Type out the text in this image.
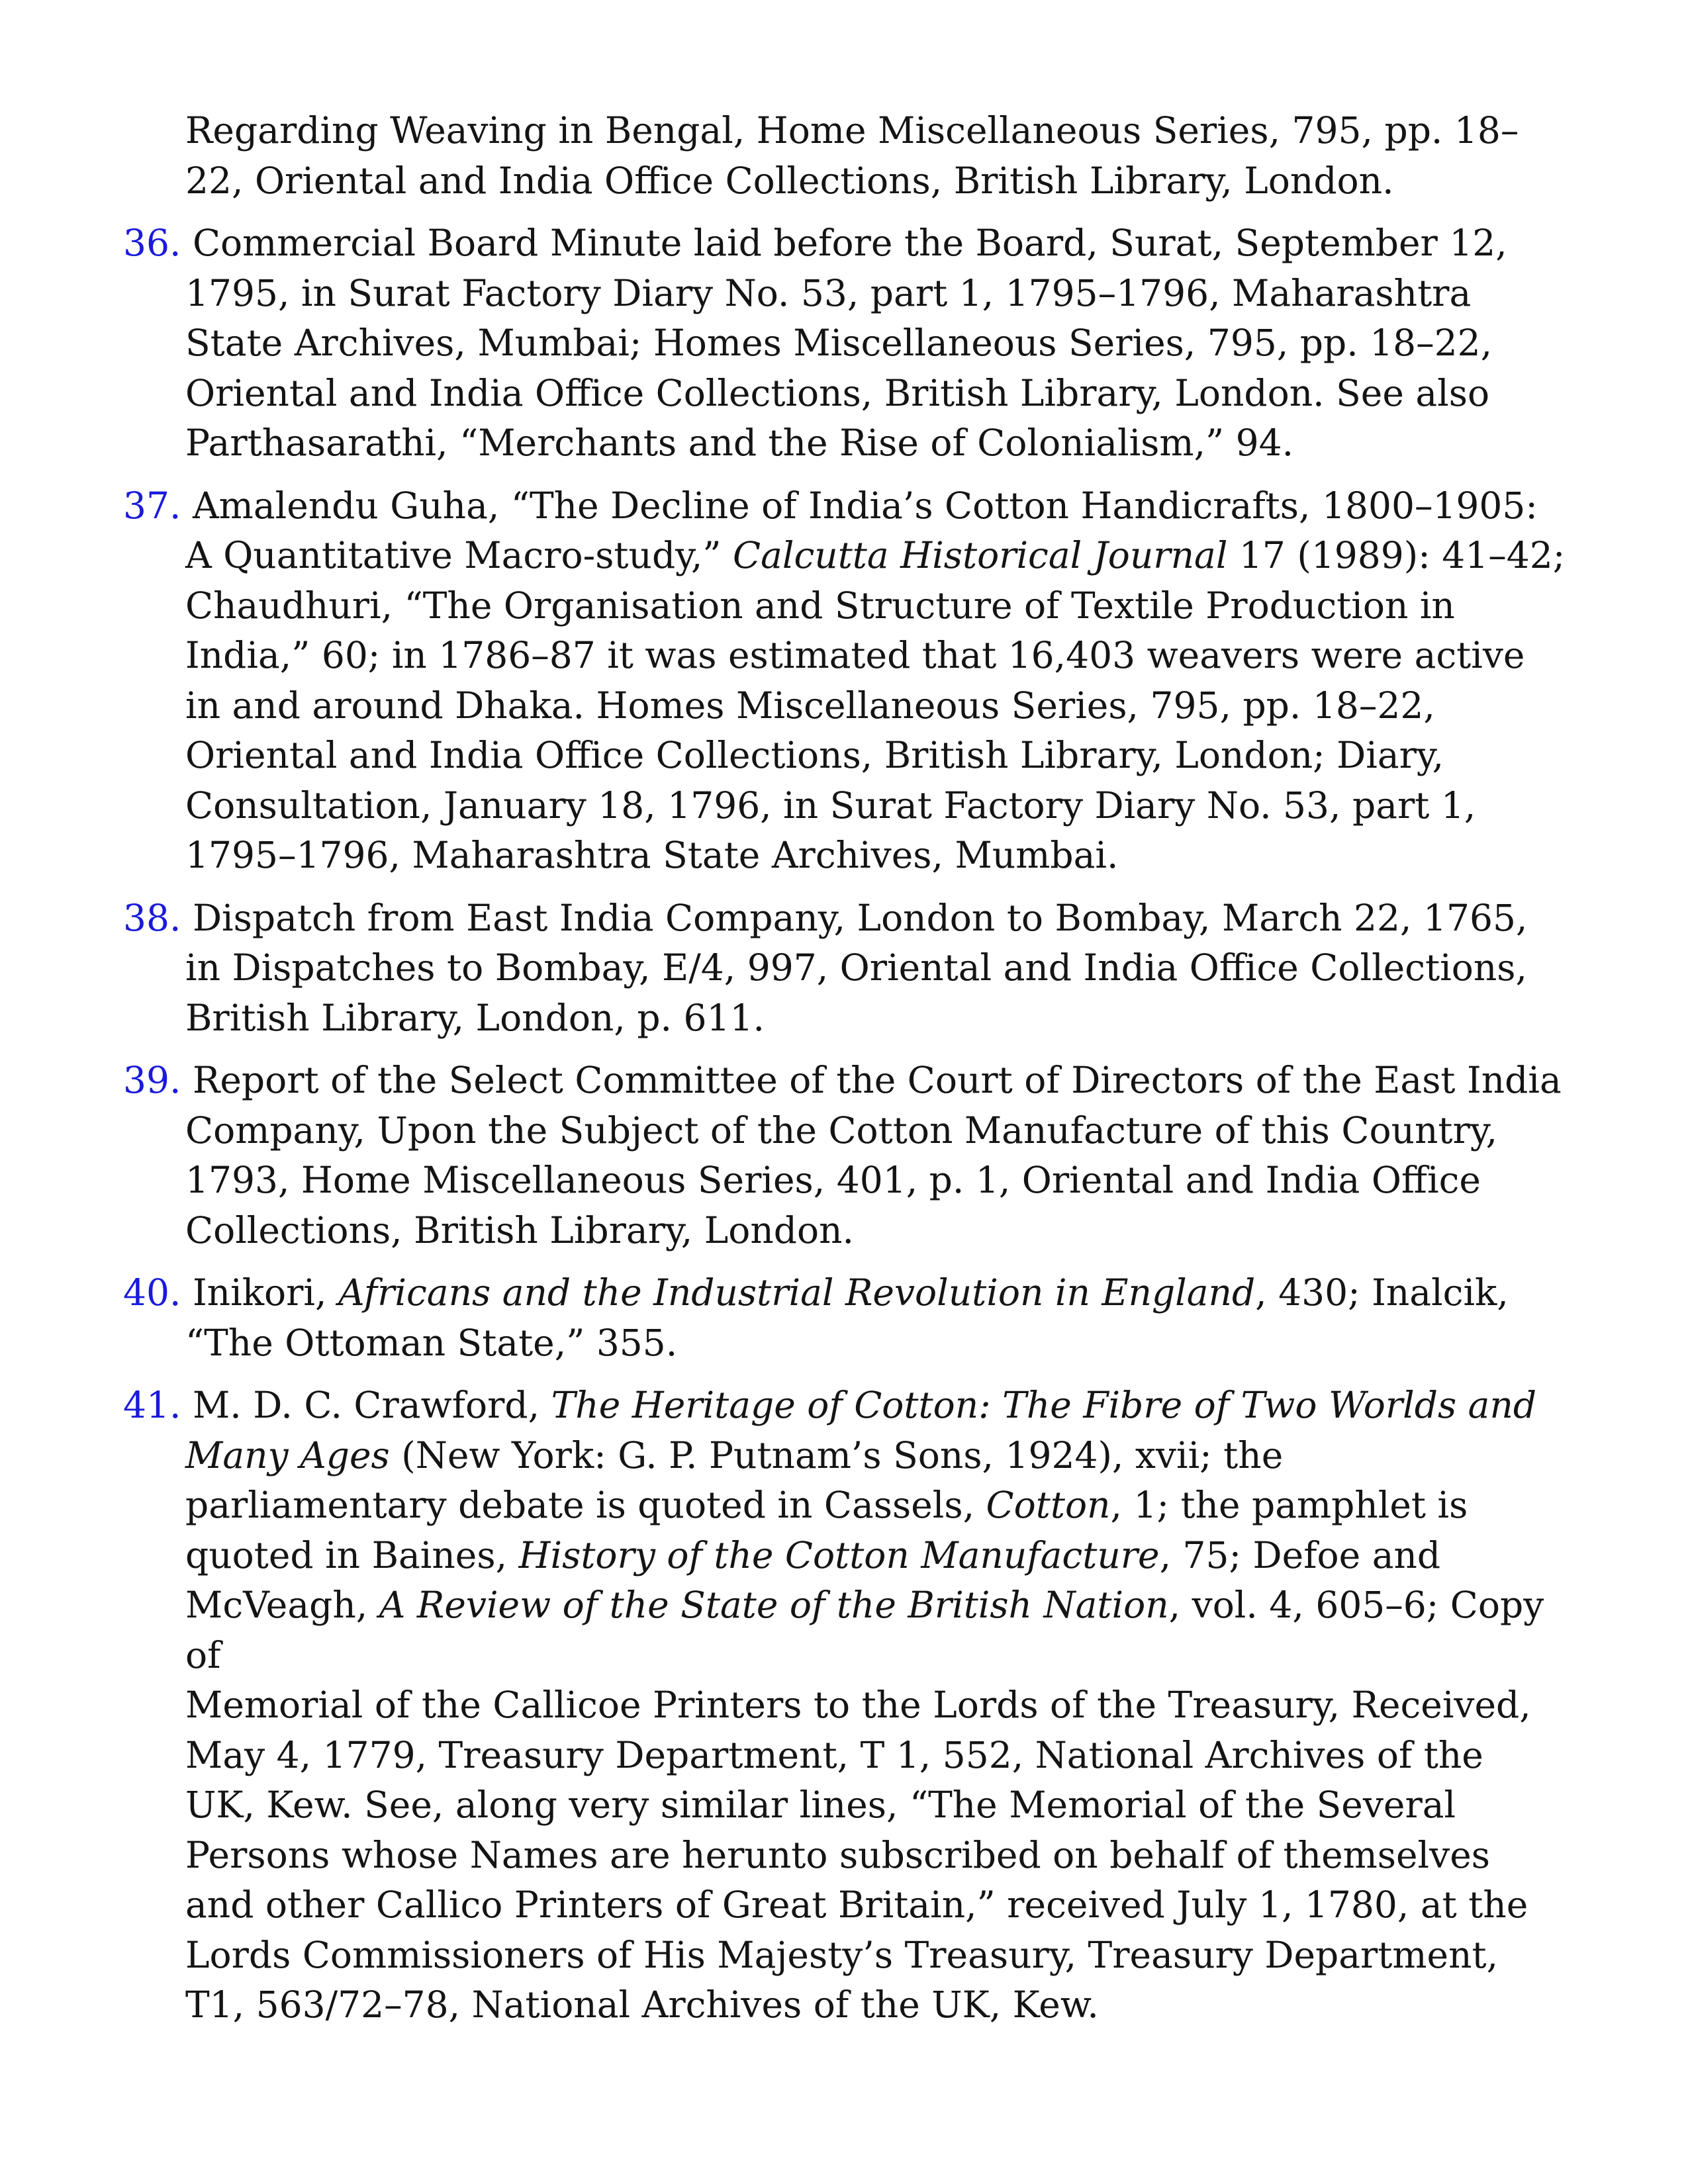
Regarding Weaving in Bengal, Home Miscellaneous Series, 795, pp. 18–
22, Oriental and India Office Collections, British Library, London.
36. Commercial Board Minute laid before the Board, Surat, September 12,
1795, in Surat Factory Diary No. 53, part 1, 1795–1796, Maharashtra
State Archives, Mumbai; Homes Miscellaneous Series, 795, pp. 18–22,
Oriental and India Office Collections, British Library, London. See also
Parthasarathi, “Merchants and the Rise of Colonialism,” 94.
37. Amalendu Guha, “The Decline of India’s Cotton Handicrafts, 1800–1905:
A Quantitative Macro-study,” Calcutta Historical Journal 17 (1989): 41–42;
Chaudhuri, “The Organisation and Structure of Textile Production in
India,” 60; in 1786–87 it was estimated that 16,403 weavers were active
in and around Dhaka. Homes Miscellaneous Series, 795, pp. 18–22,
Oriental and India Office Collections, British Library, London; Diary,
Consultation, January 18, 1796, in Surat Factory Diary No. 53, part 1,
1795–1796, Maharashtra State Archives, Mumbai.
38. Dispatch from East India Company, London to Bombay, March 22, 1765,
in Dispatches to Bombay, E/4, 997, Oriental and India Office Collections,
British Library, London, p. 611.
39. Report of the Select Committee of the Court of Directors of the East India
Company, Upon the Subject of the Cotton Manufacture of this Country,
1793, Home Miscellaneous Series, 401, p. 1, Oriental and India Office
Collections, British Library, London.
40. Inikori, Africans and the Industrial Revolution in England, 430; Inalcik,
“The Ottoman State,” 355.
41. M. D. C. Crawford, The Heritage of Cotton: The Fibre of Two Worlds and
Many Ages (New York: G. P. Putnam’s Sons, 1924), xvii; the
parliamentary debate is quoted in Cassels, Cotton, 1; the pamphlet is
quoted in Baines, History of the Cotton Manufacture, 75; Defoe and
McVeagh, A Review of the State of the British Nation, vol. 4, 605–6; Copy of
Memorial of the Callicoe Printers to the Lords of the Treasury, Received,
May 4, 1779, Treasury Department, T 1, 552, National Archives of the
UK, Kew. See, along very similar lines, “The Memorial of the Several
Persons whose Names are herunto subscribed on behalf of themselves
and other Callico Printers of Great Britain,” received July 1, 1780, at the
Lords Commissioners of His Majesty’s Treasury, Treasury Department,
T1, 563/72–78, National Archives of the UK, Kew.
